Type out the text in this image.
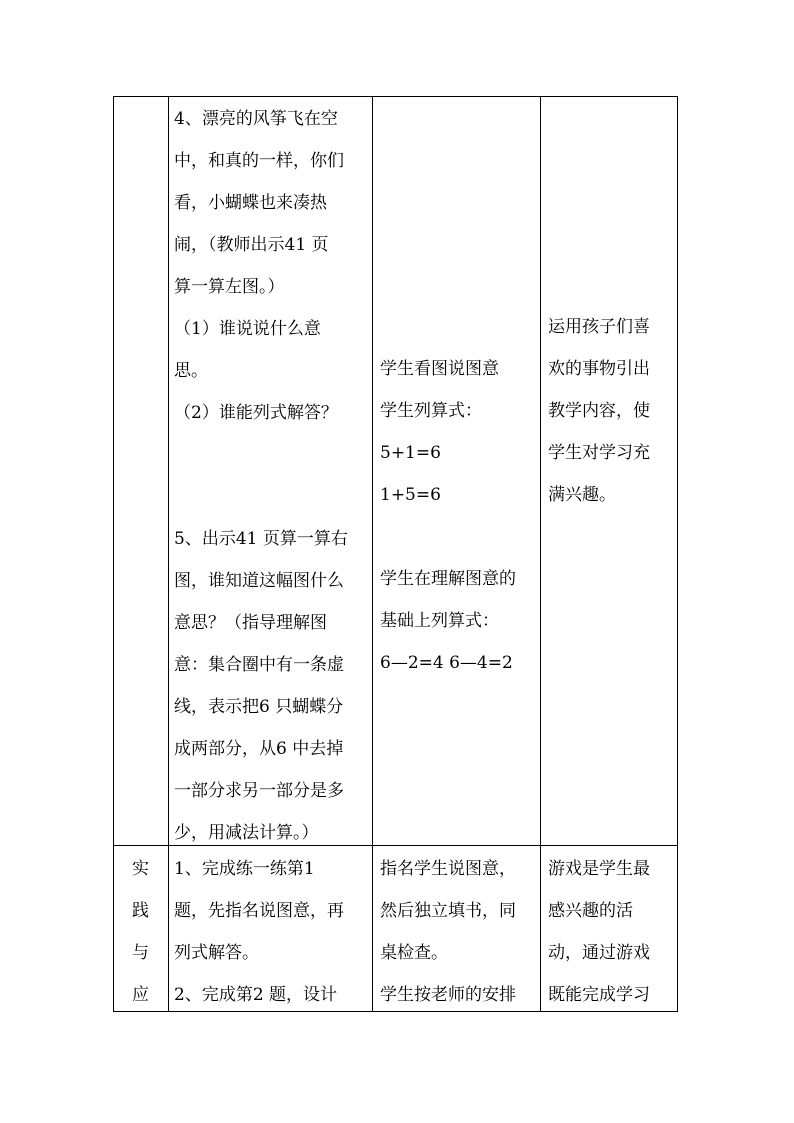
4、漂亮的风筝飞在空
中，和真的一样，你们
看，小蝴蝶也来凑热
闹，（教师出示41 页
算一算左图。）
（1）谁说说什么意
思。
（2）谁能列式解答？
5、出示41 页算一算右
图，谁知道这幅图什么
意思？（指导理解图
意：集合圈中有一条虚
线，表示把6 只蝴蝶分
成两部分，从6 中去掉
一部分求另一部分是多
少，用减法计算。）
学生看图说图意
学生列算式：
5+1=6
1+5=6
学生在理解图意的
基础上列算式：
6—2=4 6—4=2
运用孩子们喜
欢的事物引出
教学内容，使
学生对学习充
满兴趣。
实
践
与
应
1、完成练一练第1
题，先指名说图意，再
列式解答。
2、完成第2 题，设计
指名学生说图意，
然后独立填书，同
桌检查。
学生按老师的安排
游戏是学生最
感兴趣的活
动，通过游戏
既能完成学习
